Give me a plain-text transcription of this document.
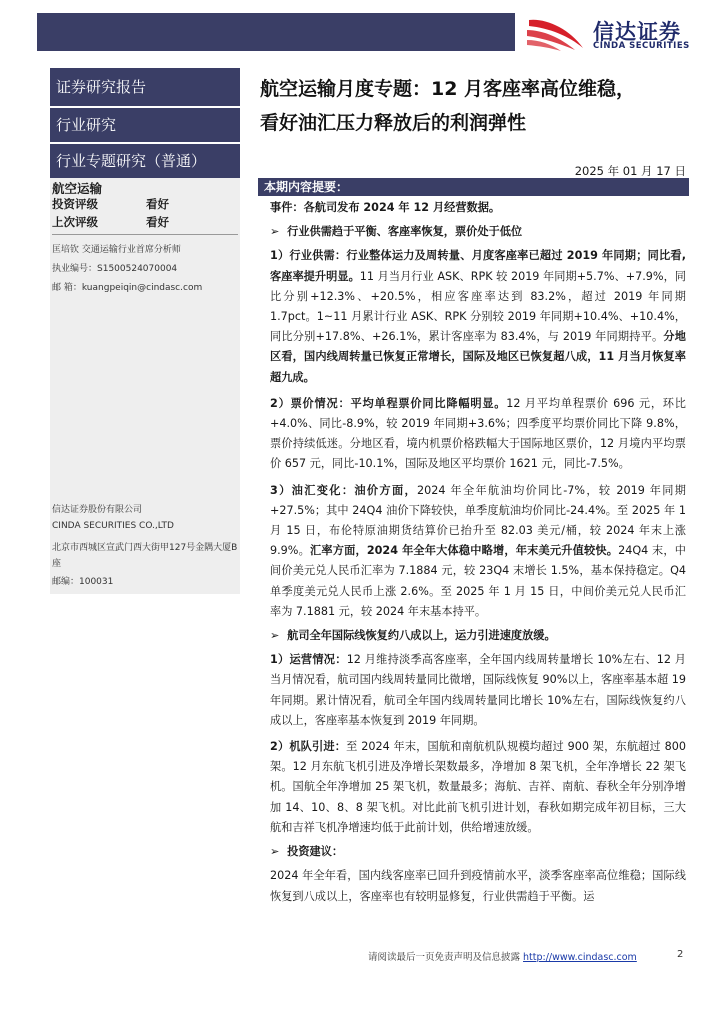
信达证券
CINDA SECURITIES
证券研究报告
行业研究
行业专题研究（普通）
航空运输
投资评级	看好
上次评级	看好
匡培钦 交通运输行业首席分析师
执业编号：S1500524070004
邮 箱：kuangpeiqin@cindasc.com
信达证券股份有限公司
CINDA SECURITIES CO.,LTD
北京市西城区宣武门西大街甲127号金隅大厦B
座
邮编：100031
航空运输月度专题：12 月客座率高位维稳，
看好油汇压力释放后的利润弹性
2025 年 01 月 17 日
本期内容提要：

事件：各航司发布 2024 年 12 月经营数据。

➢ 行业供需趋于平衡、客座率恢复，票价处于低位

1）行业供需：行业整体运力及周转量、月度客座率已超过 2019 年同期；同比看,客座率提升明显。11 月当月行业 ASK、RPK 较 2019 年同期+5.7%、+7.9%，同比分别+12.3%、+20.5%，相应客座率达到 83.2%，超过 2019 年同期 1.7pct。1~11 月累计行业 ASK、RPK 分别较 2019 年同期+10.4%、+10.4%，同比分别+17.8%、+26.1%，累计客座率为 83.4%，与 2019 年同期持平。分地区看，国内线周转量已恢复正常增长，国际及地区已恢复超八成，11 月当月恢复率超九成。

2）票价情况：平均单程票价同比降幅明显。12 月平均单程票价 696 元，环比+4.0%、同比-8.9%，较 2019 年同期+3.6%；四季度平均票价同比下降 9.8%，票价持续低迷。分地区看，境内机票价格跌幅大于国际地区票价，12 月境内平均票价 657 元，同比-10.1%，国际及地区平均票价 1621 元，同比-7.5%。

3）油汇变化：油价方面，2024 年全年航油均价同比-7%，较 2019 年同期+27.5%；其中 24Q4 油价下降较快，单季度航油均价同比-24.4%。至 2025 年 1 月 15 日，布伦特原油期货结算价已抬升至 82.03 美元/桶，较 2024 年末上涨 9.9%。汇率方面，2024 年全年大体稳中略增，年末美元升值较快。24Q4 末，中间价美元兑人民币汇率为 7.1884 元，较 23Q4 末增长 1.5%，基本保持稳定。Q4 单季度美元兑人民币上涨 2.6%。至 2025 年 1 月 15 日，中间价美元兑人民币汇率为 7.1881 元，较 2024 年末基本持平。

➢ 航司全年国际线恢复约八成以上，运力引进速度放缓。

1）运营情况：12 月维持淡季高客座率，全年国内线周转量增长 10%左右、12 月当月情况看，航司国内线周转量同比微增，国际线恢复 90%以上，客座率基本超 19 年同期。累计情况看，航司全年国内线周转量同比增长 10%左右，国际线恢复约八成以上，客座率基本恢复到 2019 年同期。

2）机队引进：至 2024 年末，国航和南航机队规模均超过 900 架，东航超过 800 架。12 月东航飞机引进及净增长架数最多，净增加 8 架飞机，全年净增长 22 架飞机。国航全年净增加 25 架飞机，数量最多；海航、吉祥、南航、春秋全年分别净增加 14、10、8、8 架飞机。对比此前飞机引进计划，春秋如期完成年初目标，三大航和吉祥飞机净增速均低于此前计划，供给增速放缓。

➢ 投资建议：

2024 年全年看，国内线客座率已回升到疫情前水平，淡季客座率高位维稳；国际线恢复到八成以上，客座率也有较明显修复，行业供需趋于平衡。运

请阅读最后一页免责声明及信息披露 http://www.cindasc.com	2
